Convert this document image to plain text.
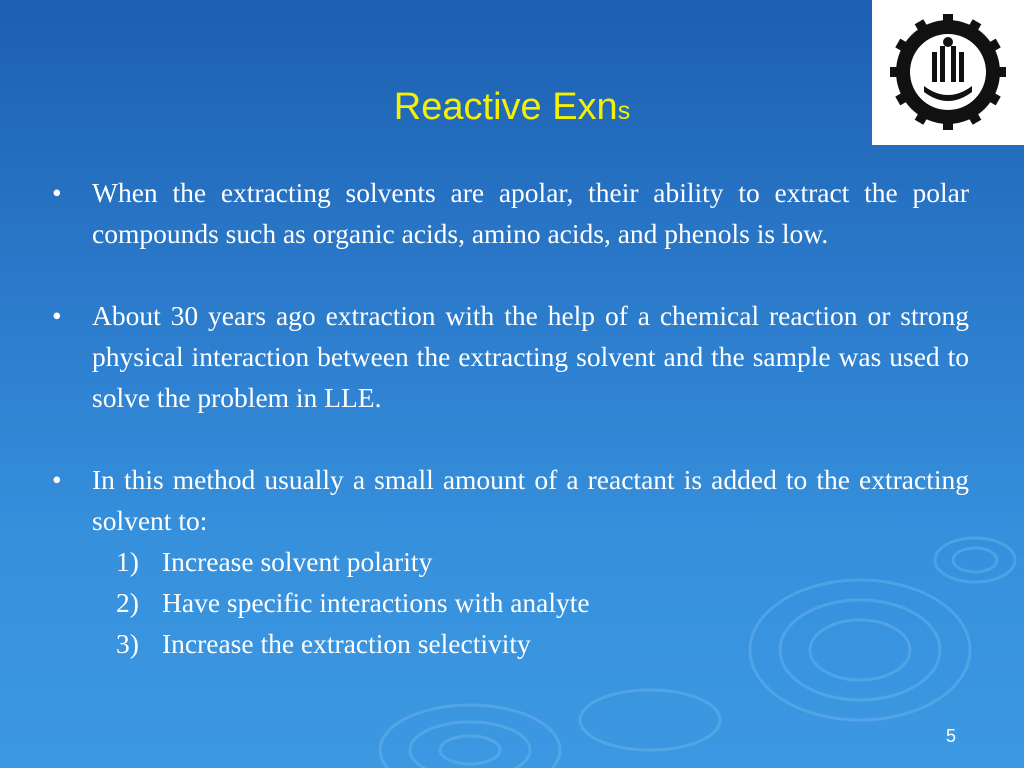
Reactive Exns
•	When the extracting solvents are apolar, their ability to extract the polar compounds such as organic acids, amino acids, and phenols is low.
•	About 30 years ago extraction with the help of a chemical reaction or strong physical interaction between the extracting solvent and the sample was used to solve the problem in LLE.
•	In this method usually a small amount of a reactant is added to the extracting solvent to:
1) Increase solvent polarity
2) Have specific interactions with analyte
3) Increase the extraction selectivity
5
